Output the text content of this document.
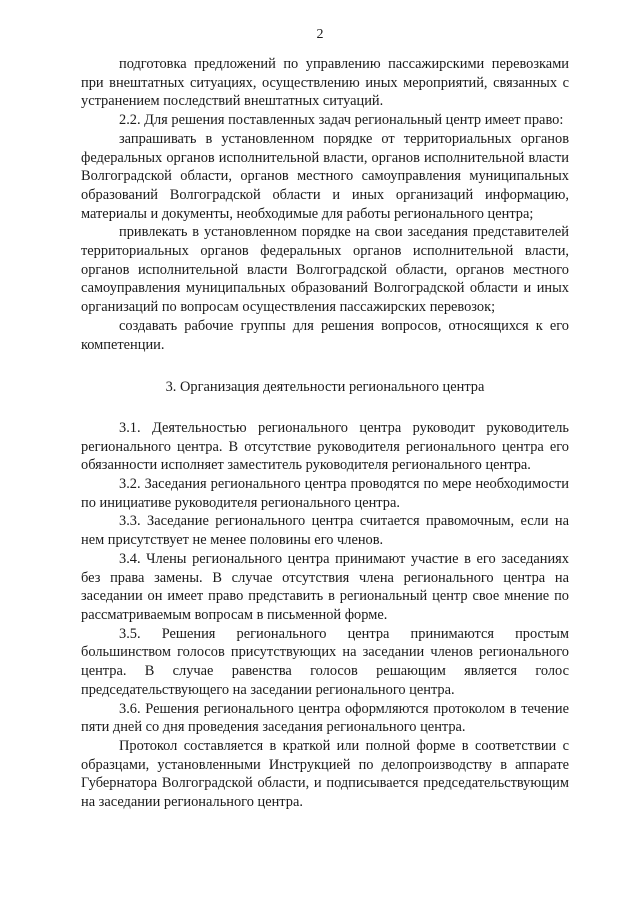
2

подготовка предложений по управлению пассажирскими перевозками при внештатных ситуациях, осуществлению иных мероприятий, связанных с устранением последствий внештатных ситуаций.

2.2. Для решения поставленных задач региональный центр имеет право:

запрашивать в установленном порядке от территориальных органов федеральных органов исполнительной власти, органов исполнительной власти Волгоградской области, органов местного самоуправления муниципальных образований Волгоградской области и иных организаций информацию, материалы и документы, необходимые для работы регионального центра;

привлекать в установленном порядке на свои заседания представителей территориальных органов федеральных органов исполнительной власти, органов исполнительной власти Волгоградской области, органов местного самоуправления муниципальных образований Волгоградской области и иных организаций по вопросам осуществления пассажирских перевозок;

создавать рабочие группы для решения вопросов, относящихся к его компетенции.

3. Организация деятельности регионального центра

3.1. Деятельностью регионального центра руководит руководитель регионального центра. В отсутствие руководителя регионального центра его обязанности исполняет заместитель руководителя регионального центра.

3.2. Заседания регионального центра проводятся по мере необходимости по инициативе руководителя регионального центра.

3.3. Заседание регионального центра считается правомочным, если на нем присутствует не менее половины его членов.

3.4. Члены регионального центра принимают участие в его заседаниях без права замены. В случае отсутствия члена регионального центра на заседании он имеет право представить в региональный центр свое мнение по рассматриваемым вопросам в письменной форме.

3.5. Решения регионального центра принимаются простым большинством голосов присутствующих на заседании членов регионального центра. В случае равенства голосов решающим является голос председательствующего на заседании регионального центра.

3.6. Решения регионального центра оформляются протоколом в течение пяти дней со дня проведения заседания регионального центра.

Протокол составляется в краткой или полной форме в соответствии с образцами, установленными Инструкцией по делопроизводству в аппарате Губернатора Волгоградской области, и подписывается председательствующим на заседании регионального центра.
